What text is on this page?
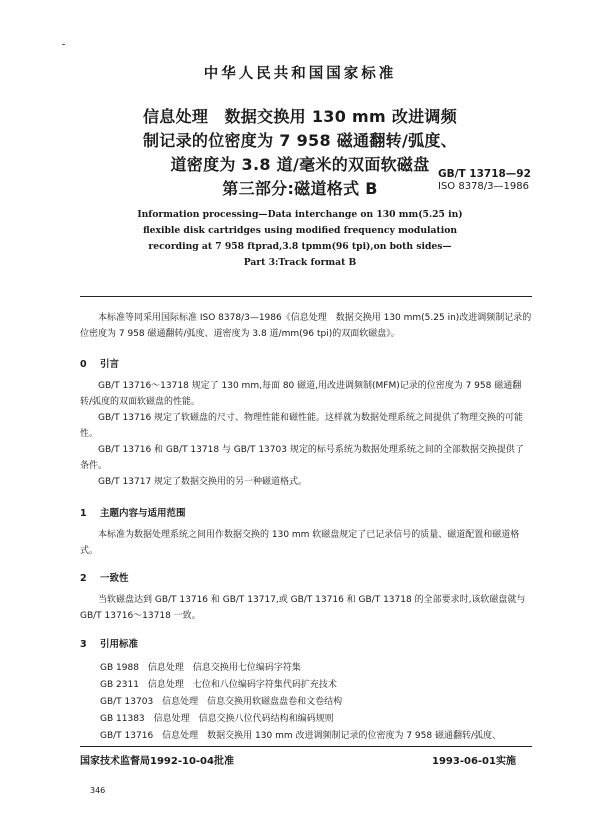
中华人民共和国国家标准
信息处理　数据交换用 130 mm 改进调频
制记录的位密度为 7 958 磁通翻转/弧度、
道密度为 3.8 道/毫米的双面软磁盘
第三部分:磁道格式 B
GB/T 13718—92
ISO 8378/3—1986
Information processing—Data interchange on 130 mm(5.25 in)
flexible disk cartridges using modified frequency modulation
recording at 7 958 ftprad,3.8 tpmm(96 tpi),on both sides—
Part 3:Track format B
本标准等同采用国际标准 ISO 8378/3—1986《信息处理　数据交换用 130 mm(5.25 in)改进调频制记录的位密度为 7 958 磁通翻转/弧度、道密度为 3.8 道/mm(96 tpi)的双面软磁盘》。
0 引言
GB/T 13716～13718 规定了 130 mm,每面 80 磁道,用改进调频制(MFM)记录的位密度为 7 958 磁通翻转/弧度的双面软磁盘的性能。
GB/T 13716 规定了软磁盘的尺寸、物理性能和磁性能。这样就为数据处理系统之间提供了物理交换的可能性。
GB/T 13716 和 GB/T 13718 与 GB/T 13703 规定的标号系统为数据处理系统之间的全部数据交换提供了条件。
GB/T 13717 规定了数据交换用的另一种磁道格式。
1 主题内容与适用范围
本标准为数据处理系统之间用作数据交换的 130 mm 软磁盘规定了已记录信号的质量、磁道配置和磁道格式。
2 一致性
当软磁盘达到 GB/T 13716 和 GB/T 13717,或 GB/T 13716 和 GB/T 13718 的全部要求时,该软磁盘就与 GB/T 13716～13718 一致。
3 引用标准
GB 1988　信息处理　信息交换用七位编码字符集
GB 2311　信息处理　七位和八位编码字符集代码扩充技术
GB/T 13703　信息处理　信息交换用软磁盘盘卷和文卷结构
GB 11383　信息处理　信息交换八位代码结构和编码规则
GB/T 13716　信息处理　数据交换用 130 mm 改进调频制记录的位密度为 7 958 磁通翻转/弧度、
国家技术监督局1992-10-04批准	1993-06-01实施
346
